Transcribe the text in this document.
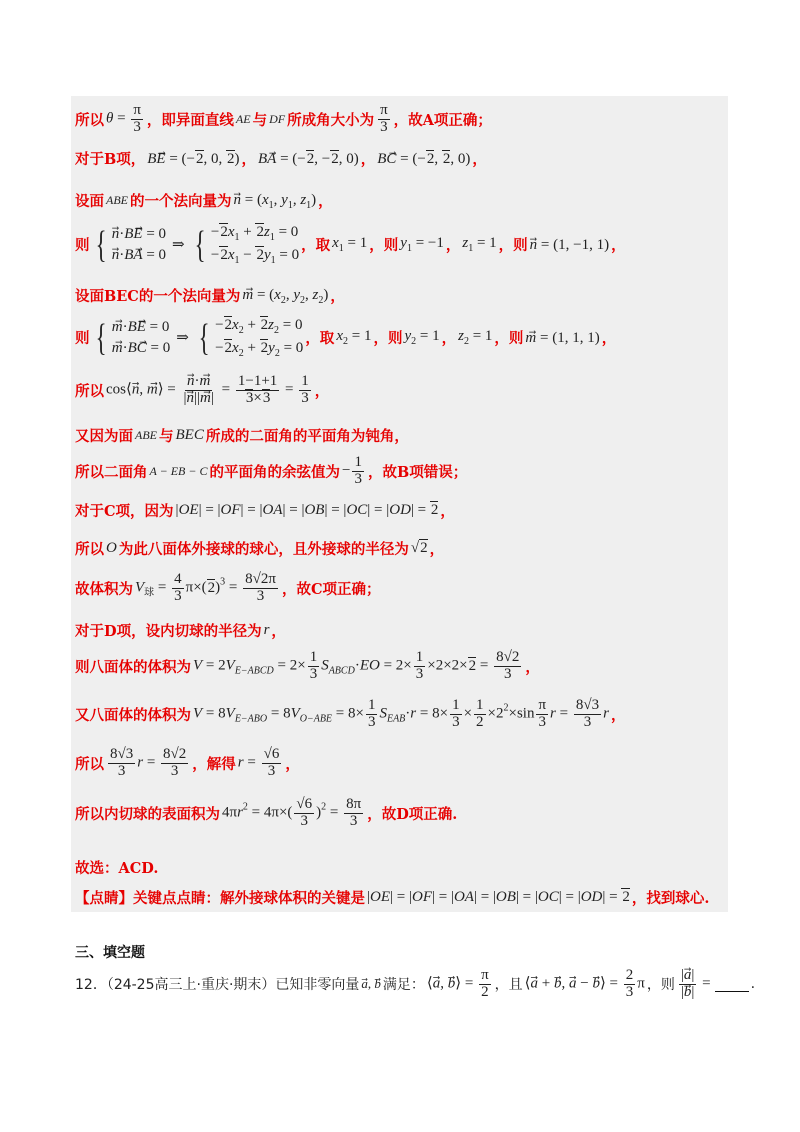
所以 $\theta = \frac{\pi}{3}$ ，即异面直线 AE 与 DF 所成角大小为 $\frac{\pi}{3}$ ，故A项正确；
对于B项， BE⃗ = (−2, 0, 2) ， BA⃗ = (−2, −2, 0) ， BC⃗ = (−2, 2, 0) ，
设面 ABE 的一个法向量为 n⃗ = ($x_1$, $y_1$, $z_1$) ，
则 { n⃗·BE⃗ = 0
n⃗·BA⃗ = 0
⇒ { $-2x_1 + 2z_1 = 0$
$-2x_1 - 2y_1 = 0$
，取 $x_1 = 1$ ，则 $y_1 = -1$ ， $z_1 = 1$ ，则 n⃗ = (1, −1, 1) ，
设面BEC的一个法向量为 m⃗ = ($x_2$, $y_2$, $z_2$) ，
则 { m⃗·BE⃗ = 0
m⃗·BC⃗ = 0
⇒ { $-2x_2 + 2z_2 = 0$
$-2x_2 + 2y_2 = 0$
，取 $x_2 = 1$ ，则 $y_2 = 1$ ， $z_2 = 1$ ，则 m⃗ = (1, 1, 1) ，
所以 cos⟨n⃗, m⃗⟩ = $\frac{n⃗\cdot m}{|n⃗||m⃗|} = \frac{1-1+1}{3\times 3} = \frac{1}{3}$ ，
又因为面 ABE 与 BEC 所成的二面角的平面角为钝角，
所以二面角 A − EB − C 的平面角的余弦值为 − $\frac{1}{3}$ ，故B项错误；
对于C项，因为 |OE| = |OF| = |OA| = |OB| = |OC| = |OD| = 2 ，
所以 O 为此八面体外接球的球心，且外接球的半径为 √2 ，
故体积为 $V_球 = \frac{4}{3} \pi\times(2)^3 = \frac{8√2\pi}{3}$ ，故C项正确；
对于D项，设内切球的半径为 r ，
则八面体的体积为 $V = 2V_{E-ABCD} = 2\times \frac{1}{3} S_{ABCD}\cdot EO = 2\times \frac{1}{3} \times 2\times 2\times 2 = \frac{8√2}{3}$ ，
又八面体的体积为 $V = 8V_{E-ABO} = 8V_{O-ABE} = 8\times \frac{1}{3} S_{EAB}\cdot r = 8\times \frac{1}{3} \times \frac{1}{2} \times 2^2\times\sin \frac{\pi}{3}$ $r = \frac{8√3}{3}$ r ，
所以 $\frac{8√3}{3}$ $r = \frac{8√2}{3}$ ，解得 $r = \frac{√6}{3}$ ，
所以内切球的表面积为 $4\pi r^2 = 4\pi\times( \frac{√6}{3} )^2 = \frac{8\pi}{3}$ ，故D项正确.
故选：ACD.
【点睛】关键点点睛：解外接球体积的关键是 |OE| = |OF| = |OA| = |OB| = |OC| = |OD| = 2 ，找到球心.
三、填空题
12．（24-25高三上·重庆·期末）已知非零向量 a⃗, b 满足： ⟨a⃗, b⃗⟩ = $\frac{\pi}{2}$ ，且 ⟨a⃗ + b⃗, a⃗ − b⃗⟩ = $\frac{2}{3}$ π ，则 $\frac{|a⃗|}{|b⃗|}$ =	.
